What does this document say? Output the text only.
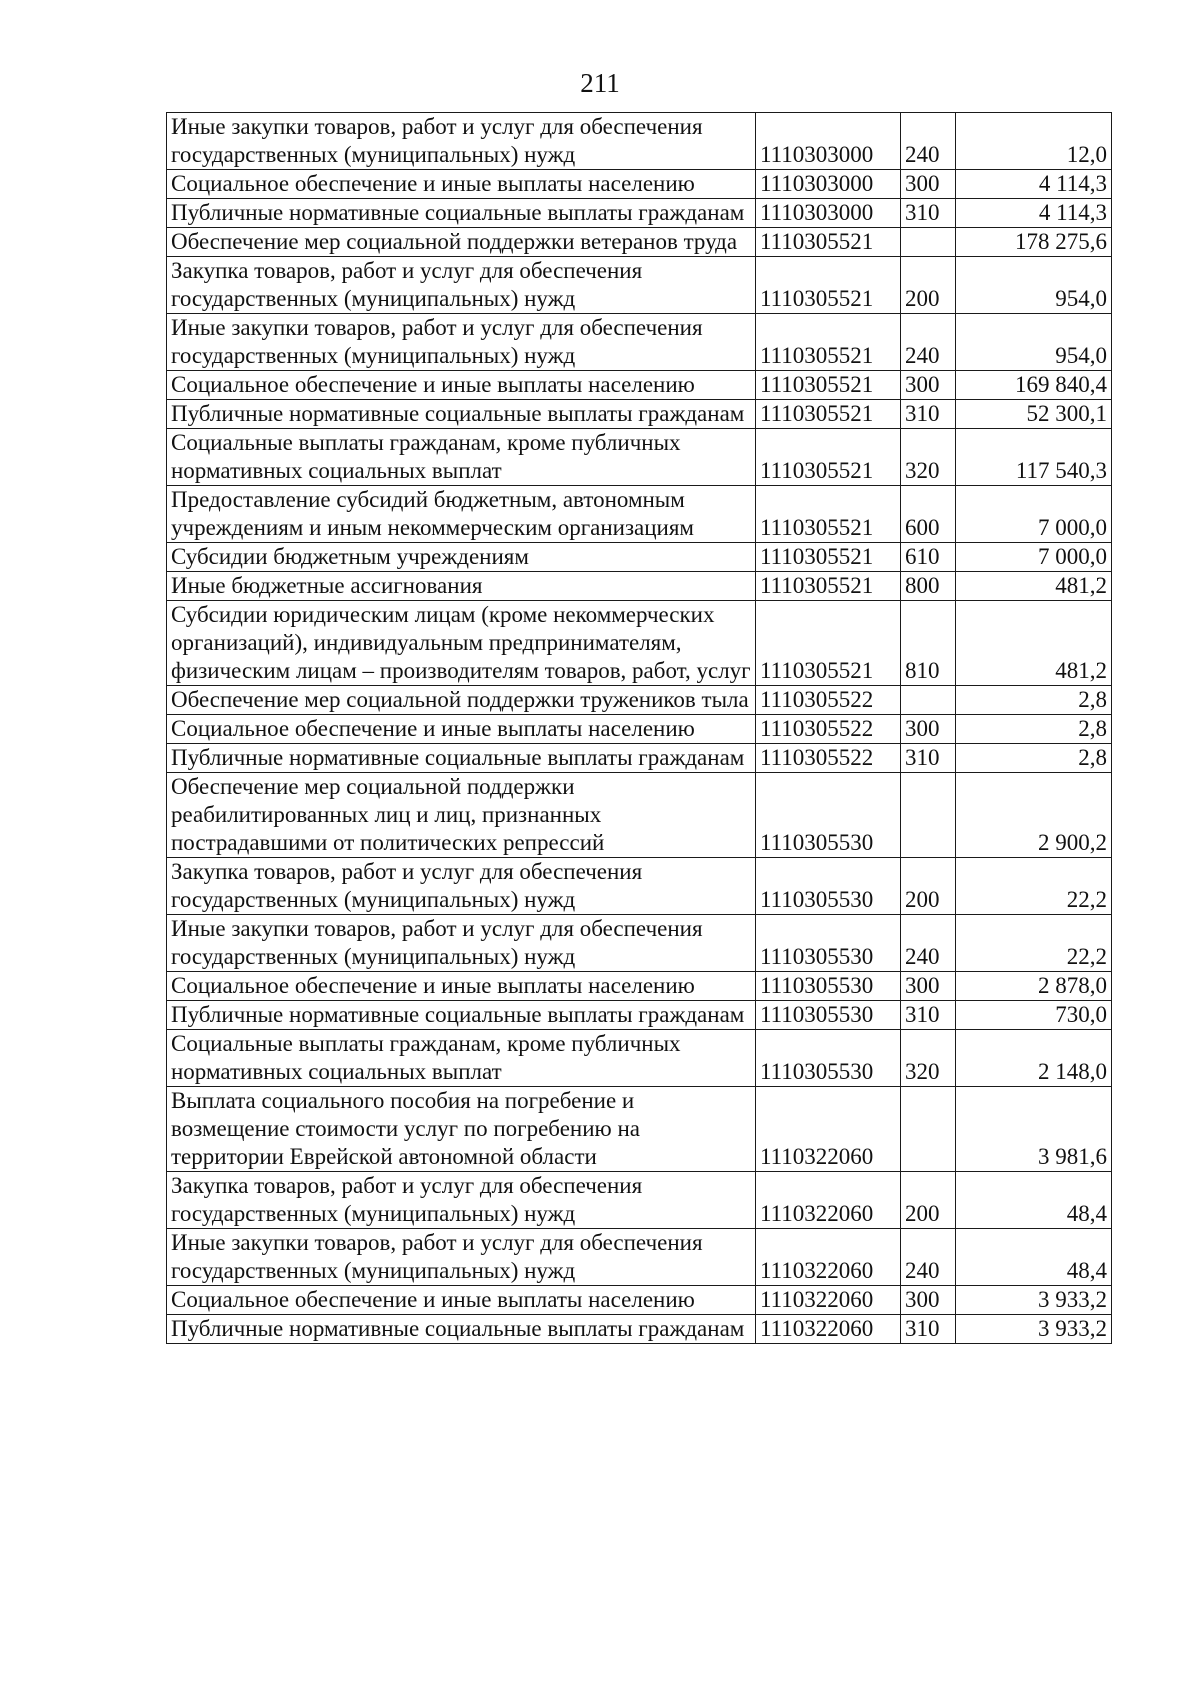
211
Иные закупки товаров, работ и услуг для обеспечения государственных (муниципальных) нужд	1110303000	240	12,0
Социальное обеспечение и иные выплаты населению	1110303000	300	4 114,3
Публичные нормативные социальные выплаты гражданам	1110303000	310	4 114,3
Обеспечение мер социальной поддержки ветеранов труда	1110305521		178 275,6
Закупка товаров, работ и услуг для обеспечения государственных (муниципальных) нужд	1110305521	200	954,0
Иные закупки товаров, работ и услуг для обеспечения государственных (муниципальных) нужд	1110305521	240	954,0
Социальное обеспечение и иные выплаты населению	1110305521	300	169 840,4
Публичные нормативные социальные выплаты гражданам	1110305521	310	52 300,1
Социальные выплаты гражданам, кроме публичных нормативных социальных выплат	1110305521	320	117 540,3
Предоставление субсидий бюджетным, автономным учреждениям и иным некоммерческим организациям	1110305521	600	7 000,0
Субсидии бюджетным учреждениям	1110305521	610	7 000,0
Иные бюджетные ассигнования	1110305521	800	481,2
Субсидии юридическим лицам (кроме некоммерческих организаций), индивидуальным предпринимателям, физическим лицам – производителям товаров, работ, услуг	1110305521	810	481,2
Обеспечение мер социальной поддержки тружеников тыла	1110305522		2,8
Социальное обеспечение и иные выплаты населению	1110305522	300	2,8
Публичные нормативные социальные выплаты гражданам	1110305522	310	2,8
Обеспечение мер социальной поддержки реабилитированных лиц и лиц, признанных пострадавшими от политических репрессий	1110305530		2 900,2
Закупка товаров, работ и услуг для обеспечения государственных (муниципальных) нужд	1110305530	200	22,2
Иные закупки товаров, работ и услуг для обеспечения государственных (муниципальных) нужд	1110305530	240	22,2
Социальное обеспечение и иные выплаты населению	1110305530	300	2 878,0
Публичные нормативные социальные выплаты гражданам	1110305530	310	730,0
Социальные выплаты гражданам, кроме публичных нормативных социальных выплат	1110305530	320	2 148,0
Выплата социального пособия на погребение и возмещение стоимости услуг по погребению на территории Еврейской автономной области	1110322060		3 981,6
Закупка товаров, работ и услуг для обеспечения государственных (муниципальных) нужд	1110322060	200	48,4
Иные закупки товаров, работ и услуг для обеспечения государственных (муниципальных) нужд	1110322060	240	48,4
Социальное обеспечение и иные выплаты населению	1110322060	300	3 933,2
Публичные нормативные социальные выплаты гражданам	1110322060	310	3 933,2
